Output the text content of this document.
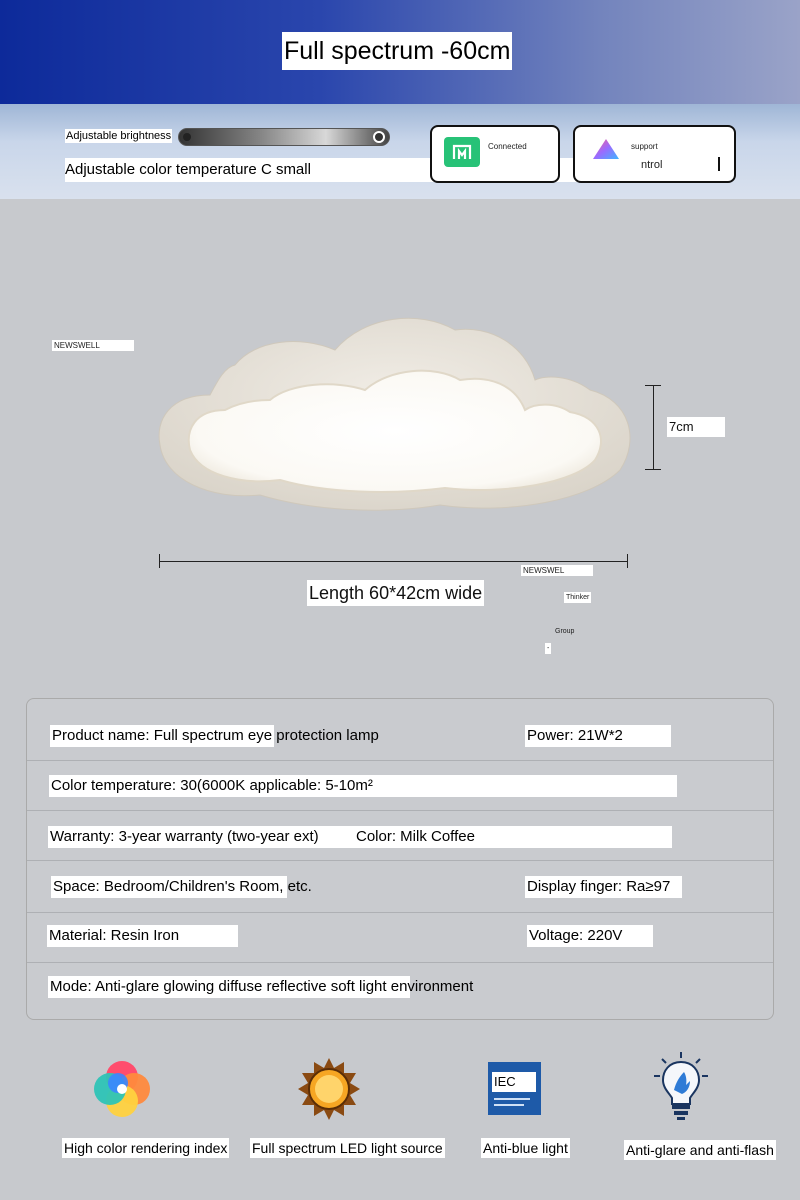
Full spectrum -60cm
Adjustable brightness
Adjustable color temperature C small
Connected	support
ntrol
NEWSWELL
NEWSWEL
Thinker
Group
-
7cm
Length 60*42cm wide
Product name: Full spectrum eye protection lamp	Power: 21W*2
Color temperature: 30(6000K applicable: 5-10m²
Warranty: 3-year warranty (two-year ext)	Color: Milk Coffee
Space: Bedroom/Children's Room, etc.	Display finger: Ra≥97
Material: Resin Iron	Voltage: 220V
Mode: Anti-glare glowing diffuse reflective soft light environment
IEC
High color rendering index Full spectrum LED light source	Anti-blue light	Anti-glare and anti-flash
